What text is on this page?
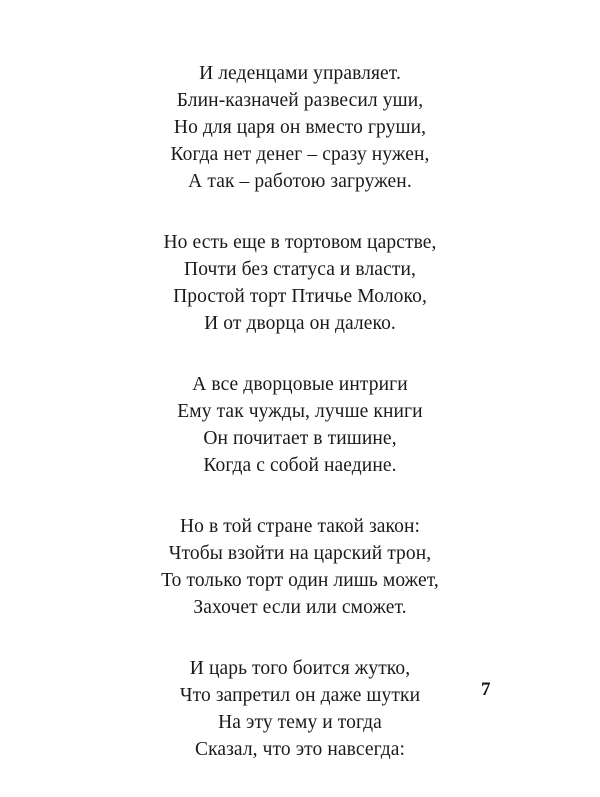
И леденцами управляет.
Блин-казначей развесил уши,
Но для царя он вместо груши,
Когда нет денег – сразу нужен,
А так – работою загружен.
Но есть еще в тортовом царстве,
Почти без статуса и власти,
Простой торт Птичье Молоко,
И от дворца он далеко.
А все дворцовые интриги
Ему так чужды, лучше книги
Он почитает в тишине,
Когда с собой наедине.
Но в той стране такой закон:
Чтобы взойти на царский трон,
То только торт один лишь может,
Захочет если или сможет.
И царь того боится жутко,
Что запретил он даже шутки
На эту тему и тогда
Сказал, что это навсегда:
7
